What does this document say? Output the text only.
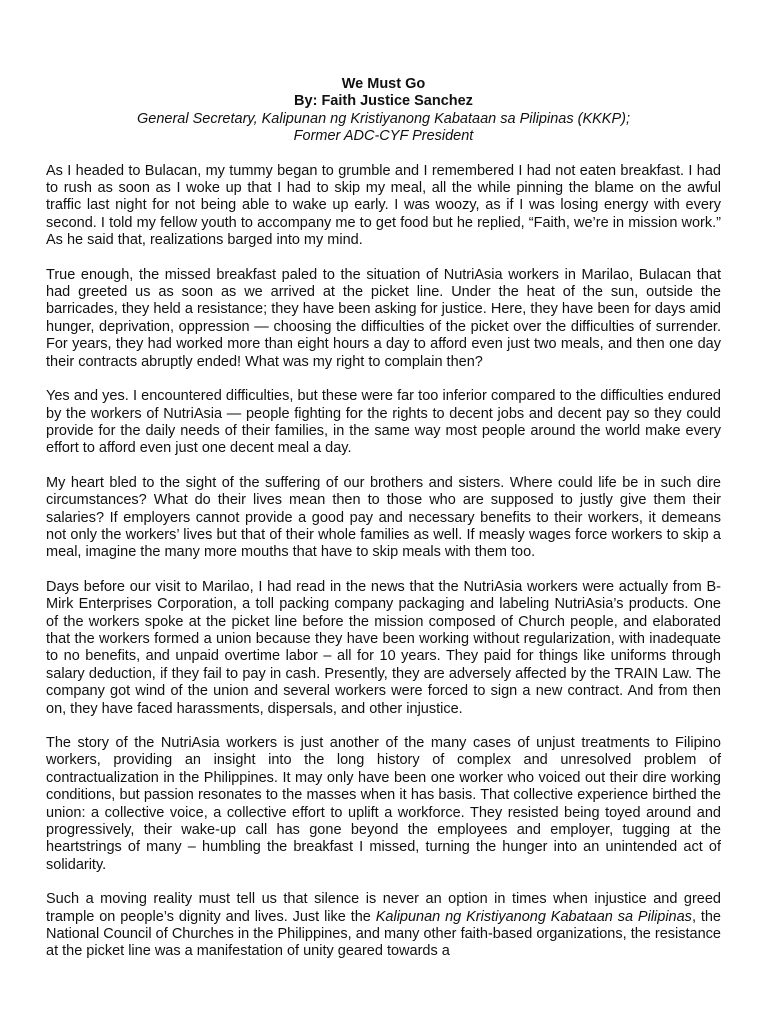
We Must Go
By: Faith Justice Sanchez
General Secretary, Kalipunan ng Kristiyanong Kabataan sa Pilipinas (KKKP);
Former ADC-CYF President

As I headed to Bulacan, my tummy began to grumble and I remembered I had not eaten breakfast. I had to rush as soon as I woke up that I had to skip my meal, all the while pinning the blame on the awful traffic last night for not being able to wake up early. I was woozy, as if I was losing energy with every second. I told my fellow youth to accompany me to get food but he replied, “Faith, we’re in mission work.” As he said that, realizations barged into my mind.

True enough, the missed breakfast paled to the situation of NutriAsia workers in Marilao, Bulacan that had greeted us as soon as we arrived at the picket line. Under the heat of the sun, outside the barricades, they held a resistance; they have been asking for justice. Here, they have been for days amid hunger, deprivation, oppression — choosing the difficulties of the picket over the difficulties of surrender. For years, they had worked more than eight hours a day to afford even just two meals, and then one day their contracts abruptly ended! What was my right to complain then?

Yes and yes. I encountered difficulties, but these were far too inferior compared to the difficulties endured by the workers of NutriAsia — people fighting for the rights to decent jobs and decent pay so they could provide for the daily needs of their families, in the same way most people around the world make every effort to afford even just one decent meal a day.

My heart bled to the sight of the suffering of our brothers and sisters. Where could life be in such dire circumstances? What do their lives mean then to those who are supposed to justly give them their salaries? If employers cannot provide a good pay and necessary benefits to their workers, it demeans not only the workers’ lives but that of their whole families as well. If measly wages force workers to skip a meal, imagine the many more mouths that have to skip meals with them too.

Days before our visit to Marilao, I had read in the news that the NutriAsia workers were actually from B-Mirk Enterprises Corporation, a toll packing company packaging and labeling NutriAsia’s products. One of the workers spoke at the picket line before the mission composed of Church people, and elaborated that the workers formed a union because they have been working without regularization, with inadequate to no benefits, and unpaid overtime labor – all for 10 years. They paid for things like uniforms through salary deduction, if they fail to pay in cash. Presently, they are adversely affected by the TRAIN Law. The company got wind of the union and several workers were forced to sign a new contract. And from then on, they have faced harassments, dispersals, and other injustice.

The story of the NutriAsia workers is just another of the many cases of unjust treatments to Filipino workers, providing an insight into the long history of complex and unresolved problem of contractualization in the Philippines. It may only have been one worker who voiced out their dire working conditions, but passion resonates to the masses when it has basis. That collective experience birthed the union: a collective voice, a collective effort to uplift a workforce. They resisted being toyed around and progressively, their wake-up call has gone beyond the employees and employer, tugging at the heartstrings of many – humbling the breakfast I missed, turning the hunger into an unintended act of solidarity.

Such a moving reality must tell us that silence is never an option in times when injustice and greed trample on people’s dignity and lives. Just like the Kalipunan ng Kristiyanong Kabataan sa Pilipinas, the National Council of Churches in the Philippines, and many other faith-based organizations, the resistance at the picket line was a manifestation of unity geared towards a
